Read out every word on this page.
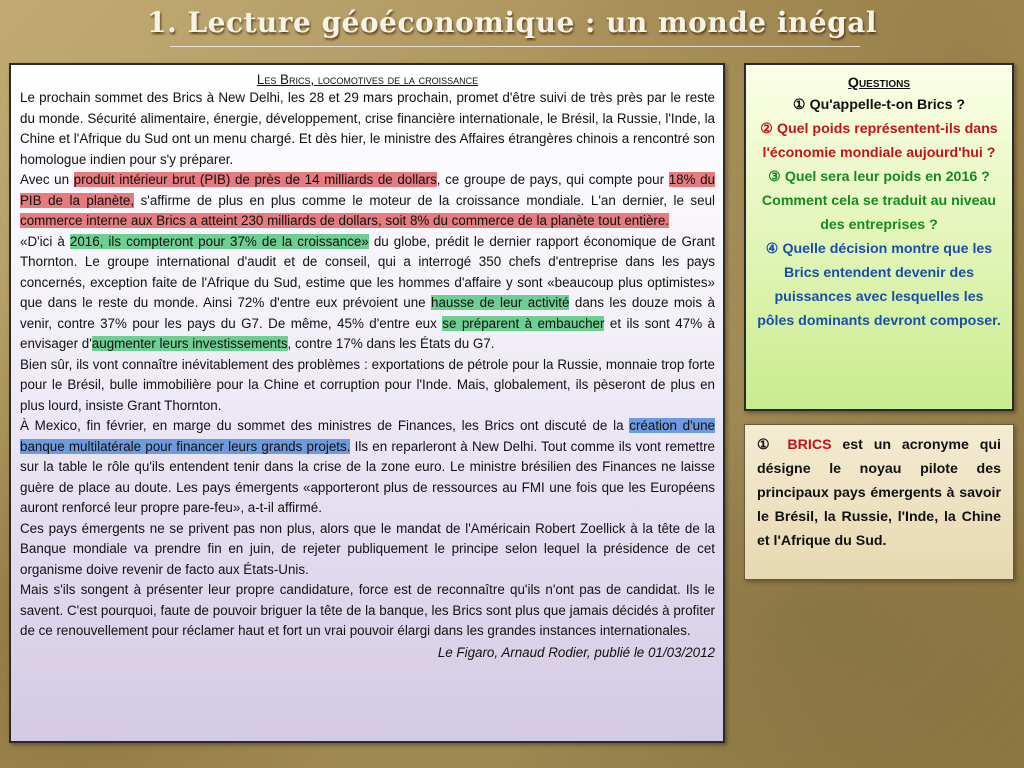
1. Lecture géoéconomique : un monde inégal
Les Brics, locomotives de la croissance

Le prochain sommet des Brics à New Delhi, les 28 et 29 mars prochain, promet d'être suivi de très près par le reste du monde. Sécurité alimentaire, énergie, développement, crise financière internationale, le Brésil, la Russie, l'Inde, la Chine et l'Afrique du Sud ont un menu chargé. Et dès hier, le ministre des Affaires étrangères chinois a rencontré son homologue indien pour s'y préparer.

Avec un produit intérieur brut (PIB) de près de 14 milliards de dollars, ce groupe de pays, qui compte pour 18% du PIB de la planète, s'affirme de plus en plus comme le moteur de la croissance mondiale. L'an dernier, le seul commerce interne aux Brics a atteint 230 milliards de dollars, soit 8% du commerce de la planète tout entière.

«D'ici à 2016, ils compteront pour 37% de la croissance» du globe, prédit le dernier rapport économique de Grant Thornton. Le groupe international d'audit et de conseil, qui a interrogé 350 chefs d'entreprise dans les pays concernés, exception faite de l'Afrique du Sud, estime que les hommes d'affaire y sont «beaucoup plus optimistes» que dans le reste du monde. Ainsi 72% d'entre eux prévoient une hausse de leur activité dans les douze mois à venir, contre 37% pour les pays du G7. De même, 45% d'entre eux se préparent à embaucher et ils sont 47% à envisager d'augmenter leurs investissements, contre 17% dans les États du G7.

Bien sûr, ils vont connaître inévitablement des problèmes : exportations de pétrole pour la Russie, monnaie trop forte pour le Brésil, bulle immobilière pour la Chine et corruption pour l'Inde. Mais, globalement, ils pèseront de plus en plus lourd, insiste Grant Thornton.

À Mexico, fin février, en marge du sommet des ministres de Finances, les Brics ont discuté de la création d'une banque multilatérale pour financer leurs grands projets. Ils en reparleront à New Delhi. Tout comme ils vont remettre sur la table le rôle qu'ils entendent tenir dans la crise de la zone euro. Le ministre brésilien des Finances ne laisse guère de place au doute. Les pays émergents «apporteront plus de ressources au FMI une fois que les Européens auront renforcé leur propre pare-feu», a-t-il affirmé.

Ces pays émergents ne se privent pas non plus, alors que le mandat de l'Américain Robert Zoellick à la tête de la Banque mondiale va prendre fin en juin, de rejeter publiquement le principe selon lequel la présidence de cet organisme doive revenir de facto aux États-Unis.

Mais s'ils songent à présenter leur propre candidature, force est de reconnaître qu'ils n'ont pas de candidat. Ils le savent. C'est pourquoi, faute de pouvoir briguer la tête de la banque, les Brics sont plus que jamais décidés à profiter de ce renouvellement pour réclamer haut et fort un vrai pouvoir élargi dans les grandes instances internationales.

Le Figaro, Arnaud Rodier, publié le 01/03/2012
Questions
① Qu'appelle-t-on Brics ?
② Quel poids représentent-ils dans l'économie mondiale aujourd'hui ?
③ Quel sera leur poids en 2016 ? Comment cela se traduit au niveau des entreprises ?
④ Quelle décision montre que les Brics entendent devenir des puissances avec lesquelles les pôles dominants devront composer.
① BRICS est un acronyme qui désigne le noyau pilote des principaux pays émergents à savoir le Brésil, la Russie, l'Inde, la Chine et l'Afrique du Sud.
